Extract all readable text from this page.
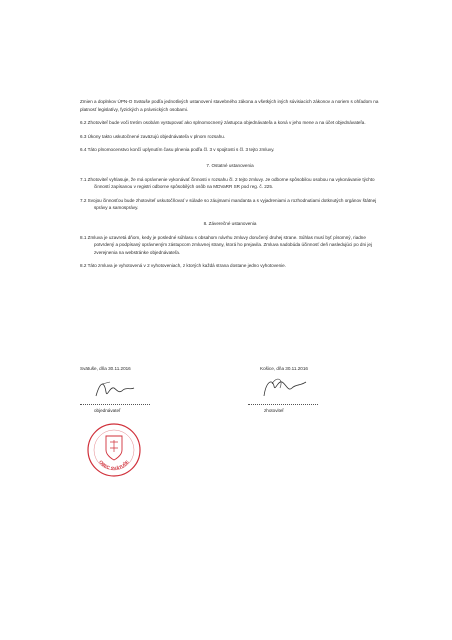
Zmien a doplnkov ÚPN-O Svätuše podľa jednotlivých ustanovení stavebného zákona a všetkých iných súvisiacich zákonov a noriem s ohľadom na platnosť legislatívy, fyzických a právnických osobami.

6.2 Zhotoviteľ bude voči tretím osobám vystupovať ako splnomocnený zástupca objednávateľa a koná v jeho mene a na účet objednávateľa.

6.3 Úkony takto uskutočnené zaväzujú objednávateľa v plnom rozsahu.

6.4 Táto plnomocenstvo končí uplynutím času plnenia podľa čl. 3 v spojitosti s čl. 3 tejto zmluvy.

7. Ostatné ustanovenia

7.1 Zhotoviteľ vyhlasuje, že má oprávnenie vykonávať činnosti v rozsahu čl. 2 tejto zmluvy. Je odborne spôsobilou osobou na vykonávanie týchto činností zapísanou v registri odborne spôsobilých osôb na MDVaRR SR pod reg. č. 225.

7.2 Svojou činnosťou bude zhotoviteľ uskutočňovať v súlade so záujmami mandanta a s vyjadreniami a rozhodnutiami dotknutých orgánov štátnej správy a samosprávy.

8. Záverečné ustanovenia

8.1 Zmluva je uzavretá dňom, kedy je posledné súhlasu s obsahom návrhu zmluvy doručený druhej strane. Súhlas musí byť písomný, riadne potvrdený a podpísaný oprávneným zástupcom zmluvnej strany, ktorá ho prejavila. Zmluva nadobúda účinnosť deň nasledujúci po dni jej zverejnenia na webstránke objednávateľa.

8.2 Táto zmluva je vyhotovená v 2 vyhotoveniach, z ktorých každá strana dostane jedno vyhotovenie.

Svätuše, dňa 30.11.2016	Košice, dňa 30.11.2016
objednávateľ	zhotoviteľ
OBEC SVÄTUŠE
